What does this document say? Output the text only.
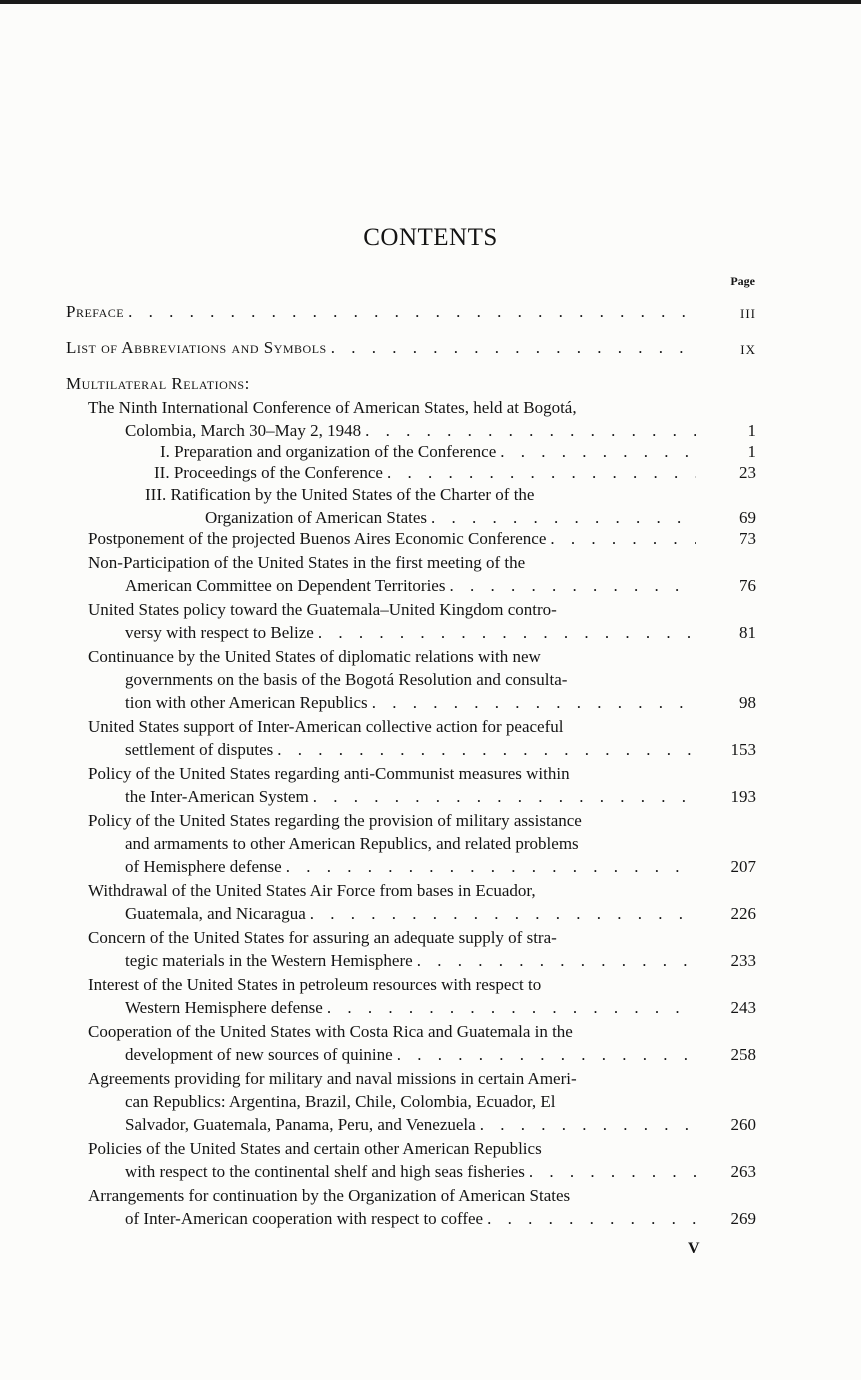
CONTENTS
Page
Preface . . .	III
List of Abbreviations and Symbols . . .	IX
Multilateral Relations:
The Ninth International Conference of American States, held at Bogotá,
Colombia, March 30–May 2, 1948 . . .	1
I. Preparation and organization of the Conference . . .	1
II. Proceedings of the Conference . . .	23
III. Ratification by the United States of the Charter of the
Organization of American States . . .	69
Postponement of the projected Buenos Aires Economic Conference . . .	73
Non-Participation of the United States in the first meeting of the
American Committee on Dependent Territories . . .	76
United States policy toward the Guatemala–United Kingdom contro-
versy with respect to Belize . . .	81
Continuance by the United States of diplomatic relations with new
governments on the basis of the Bogotá Resolution and consulta-
tion with other American Republics . . .	98
United States support of Inter-American collective action for peaceful
settlement of disputes . . .	153
Policy of the United States regarding anti-Communist measures within
the Inter-American System . . .	193
Policy of the United States regarding the provision of military assistance
and armaments to other American Republics, and related problems
of Hemisphere defense . . .	207
Withdrawal of the United States Air Force from bases in Ecuador,
Guatemala, and Nicaragua . . .	226
Concern of the United States for assuring an adequate supply of stra-
tegic materials in the Western Hemisphere . . .	233
Interest of the United States in petroleum resources with respect to
Western Hemisphere defense . . .	243
Cooperation of the United States with Costa Rica and Guatemala in the
development of new sources of quinine . . .	258
Agreements providing for military and naval missions in certain Ameri-
can Republics: Argentina, Brazil, Chile, Colombia, Ecuador, El
Salvador, Guatemala, Panama, Peru, and Venezuela . . .	260
Policies of the United States and certain other American Republics
with respect to the continental shelf and high seas fisheries . . .	263
Arrangements for continuation by the Organization of American States
of Inter-American cooperation with respect to coffee . . .	269
V
